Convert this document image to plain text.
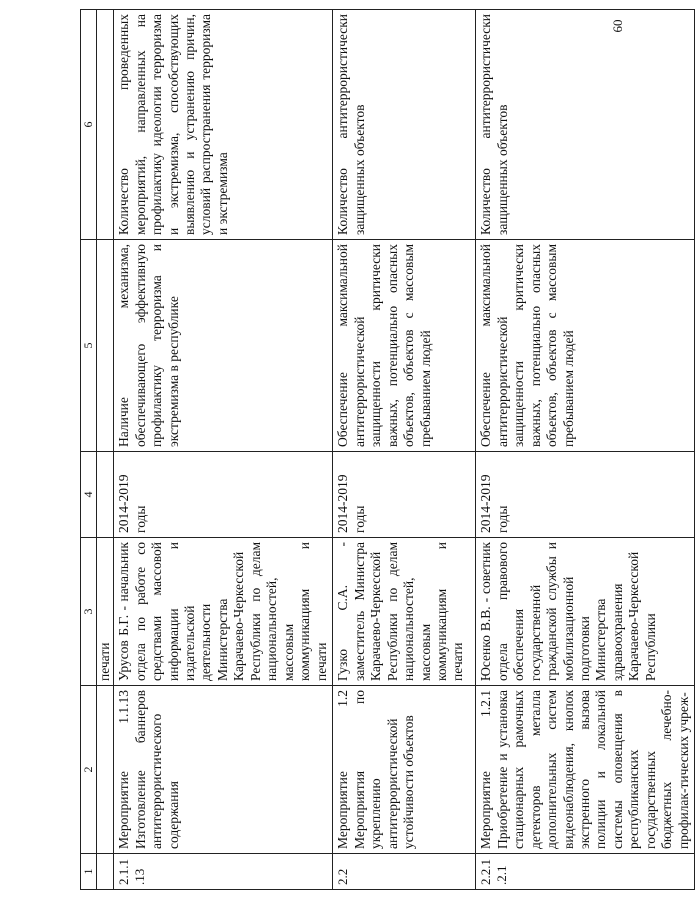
60
1	2	3	4	5	6
		печати			
2.1.1.13	Мероприятие 1.1.13 Изготовление баннеров антитеррористического содержания	Урусов Б.Г. - начальник отдела по работе со средствами массовой информации и издательской деятельности Министерства Карачаево-Черкесской Республики по делам национальностей, массовым коммуникациям и печати	2014-2019 годы	Наличие механизма, обеспечивающего эффективную профилактику терроризма и экстремизма в республике	Количество проведенных мероприятий, направленных на профилактику идеологии терроризма и экстремизма, способствующих выявлению и устранению причин, условий распространения терроризма и экстремизма
2.2	Мероприятие 1.2 Мероприятия по укреплению антитеррористической устойчивости объектов	Гузко С.А. - заместитель Министра Карачаево-Черкесской Республики по делам национальностей, массовым коммуникациям и печати	2014-2019 годы	Обеспечение максимальной антитеррористической защищенности критически важных, потенциально опасных объектов, объектов с массовым пребыванием людей	Количество антитеррористически защищенных объектов
2.2.1.2.1	Мероприятие 1.2.1 Приобретение и установка стационарных рамочных детекторов металла дополнительных систем видеонаблюдения, кнопок экстренного вызова полиции и локальной системы оповещения в республиканских государственных бюджетных лечебно-профилак-тических учреж-	Юсенко В.В. - советник отдела правового обеспечения государственной гражданской службы и мобилизационной подготовки Министерства здравоохранения Карачаево-Черкесской Республики	2014-2019 годы	Обеспечение максимальной антитеррористической защищенности критически важных, потенциально опасных объектов, объектов с массовым пребыванием людей	Количество антитеррористически защищенных объектов
